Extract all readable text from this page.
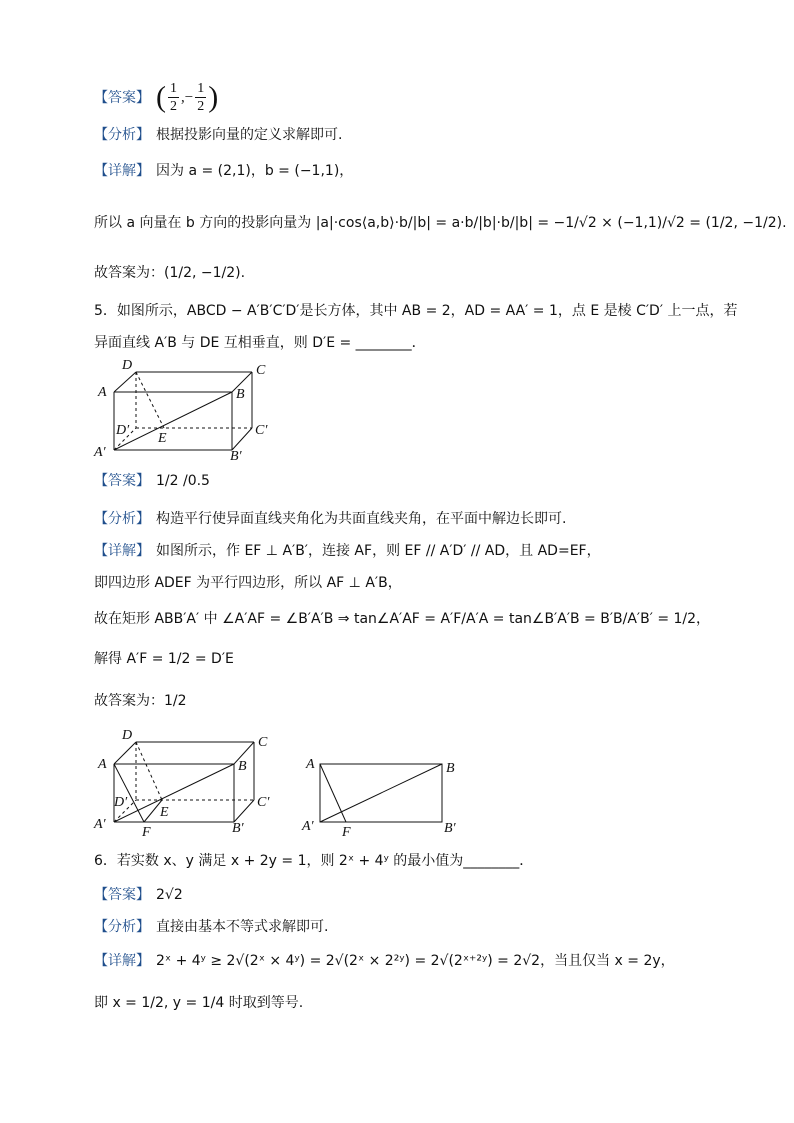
【答案】 ( $\frac{1}{2}$ ,− $\frac{1}{2}$ )
【分析】 根据投影向量的定义求解即可.
【详解】 因为 a = (2,1)，b = (−1,1)，
所以 a 向量在 b 方向的投影向量为 |a|·cos⟨a,b⟩·b/|b| = a·b/|b|·b/|b| = −1/√2 × (−1,1)/√2 = (1/2, −1/2).
故答案为：(1/2, −1/2).
5．如图所示，ABCD − A′B′C′D′是长方体，其中 AB = 2，AD = AA′ = 1，点 E 是棱 C′D′ 上一点，若
异面直线 A′B 与 DE 互相垂直，则 D′E = ________．
A
D
B
C
D′
E
C′
A′	B′
【答案】 1/2 /0.5
【分析】 构造平行使异面直线夹角化为共面直线夹角，在平面中解边长即可.
【详解】 如图所示，作 EF ⊥ A′B′，连接 AF，则 EF // A′D′ // AD，且 AD=EF，
即四边形 ADEF 为平行四边形，所以 AF ⊥ A′B，
故在矩形 ABB′A′ 中 ∠A′AF = ∠B′A′B ⇒ tan∠A′AF = A′F/A′A = tan∠B′A′B = B′B/A′B′ = 1/2，
解得 A′F = 1/2 = D′E
故答案为：1/2
A
D
B
C
D′
E
C′
A′
F	B′
A	B
A′ F	B′
6．若实数 x、y 满足 x + 2y = 1，则 2ˣ + 4ʸ 的最小值为________．
【答案】 2√2
【分析】 直接由基本不等式求解即可.
【详解】 2ˣ + 4ʸ ≥ 2√(2ˣ × 4ʸ) = 2√(2ˣ × 2²ʸ) = 2√(2ˣ⁺²ʸ) = 2√2，当且仅当 x = 2y，
即 x = 1/2, y = 1/4 时取到等号.
